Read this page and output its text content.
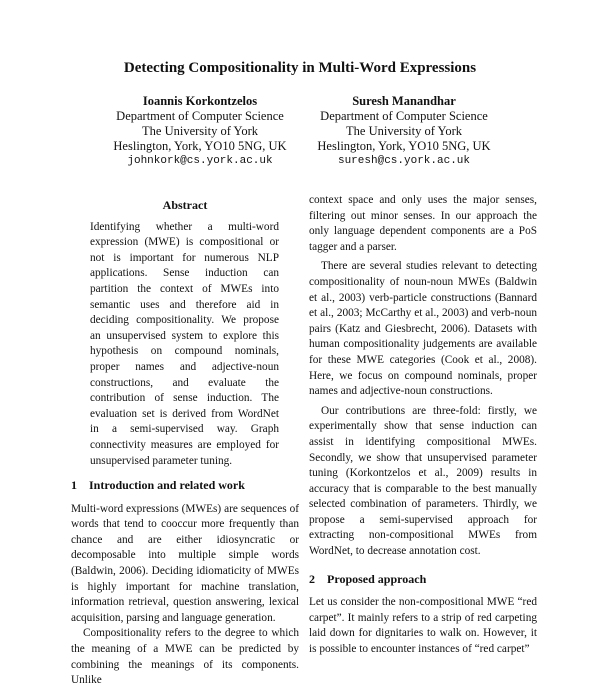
Detecting Compositionality in Multi-Word Expressions
Ioannis Korkontzelos
Department of Computer Science
The University of York
Heslington, York, YO10 5NG, UK
johnkork@cs.york.ac.uk
Suresh Manandhar
Department of Computer Science
The University of York
Heslington, York, YO10 5NG, UK
suresh@cs.york.ac.uk
Abstract

Identifying whether a multi-word expression (MWE) is compositional or not is important for numerous NLP applications. Sense induction can partition the context of MWEs into semantic uses and therefore aid in deciding compositionality. We propose an unsupervised system to explore this hypothesis on compound nominals, proper names and adjective-noun constructions, and evaluate the contribution of sense induction. The evaluation set is derived from WordNet in a semi-supervised way. Graph connectivity measures are employed for unsupervised parameter tuning.

1 Introduction and related work

Multi-word expressions (MWEs) are sequences of words that tend to cooccur more frequently than chance and are either idiosyncratic or decomposable into multiple simple words (Baldwin, 2006). Deciding idiomaticity of MWEs is highly important for machine translation, information retrieval, question answering, lexical acquisition, parsing and language generation.

Compositionality refers to the degree to which the meaning of a MWE can be predicted by combining the meanings of its components. Unlike

context space and only uses the major senses, filtering out minor senses. In our approach the only language dependent components are a PoS tagger and a parser.

There are several studies relevant to detecting compositionality of noun-noun MWEs (Baldwin et al., 2003) verb-particle constructions (Bannard et al., 2003; McCarthy et al., 2003) and verb-noun pairs (Katz and Giesbrecht, 2006). Datasets with human compositionality judgements are available for these MWE categories (Cook et al., 2008). Here, we focus on compound nominals, proper names and adjective-noun constructions.

Our contributions are three-fold: firstly, we experimentally show that sense induction can assist in identifying compositional MWEs. Secondly, we show that unsupervised parameter tuning (Korkontzelos et al., 2009) results in accuracy that is comparable to the best manually selected combination of parameters. Thirdly, we propose a semi-supervised approach for extracting non-compositional MWEs from WordNet, to decrease annotation cost.

2 Proposed approach

Let us consider the non-compositional MWE “red carpet”. It mainly refers to a strip of red carpeting laid down for dignitaries to walk on. However, it is possible to encounter instances of “red carpet”
